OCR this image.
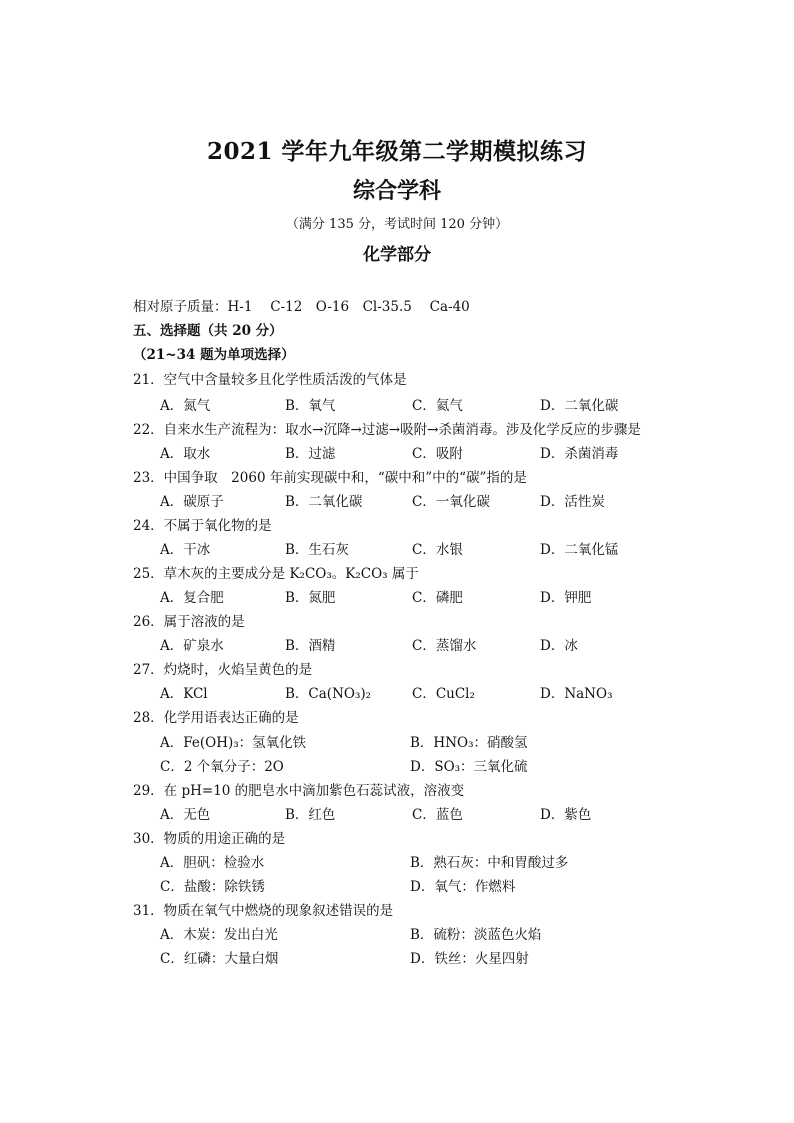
2021 学年九年级第二学期模拟练习
综合学科
（满分 135 分，考试时间 120 分钟）
化学部分
相对原子质量：H-1　 C-12　O-16　Cl-35.5　 Ca-40
五、选择题（共 20 分）
（21~34 题为单项选择）
21．空气中含量较多且化学性质活泼的气体是
A．氮气	B．氧气	C．氦气	D．二氧化碳
22．自来水生产流程为：取水→沉降→过滤→吸附→杀菌消毒。涉及化学反应的步骤是
A．取水	B．过滤	C．吸附	D．杀菌消毒
23．中国争取　2060 年前实现碳中和，“碳中和”中的“碳”指的是
A．碳原子	B．二氧化碳	C．一氧化碳	D．活性炭
24．不属于氧化物的是
A．干冰	B．生石灰	C．水银	D．二氧化锰
25．草木灰的主要成分是 K₂CO₃。K₂CO₃ 属于
A．复合肥	B．氮肥	C．磷肥	D．钾肥
26．属于溶液的是
A．矿泉水	B．酒精	C．蒸馏水	D．冰
27．灼烧时，火焰呈黄色的是
A．KCl	B．Ca(NO₃)₂	C．CuCl₂	D．NaNO₃
28．化学用语表达正确的是
A．Fe(OH)₃：氢氧化铁	B．HNO₃：硝酸氢
C．2 个氧分子：2O	D．SO₃：三氧化硫
29．在 pH=10 的肥皂水中滴加紫色石蕊试液，溶液变
A．无色	B．红色	C．蓝色	D．紫色
30．物质的用途正确的是
A．胆矾：检验水	B．熟石灰：中和胃酸过多
C．盐酸：除铁锈	D．氧气：作燃料
31．物质在氧气中燃烧的现象叙述错误的是
A．木炭：发出白光	B．硫粉：淡蓝色火焰
C．红磷：大量白烟	D．铁丝：火星四射
